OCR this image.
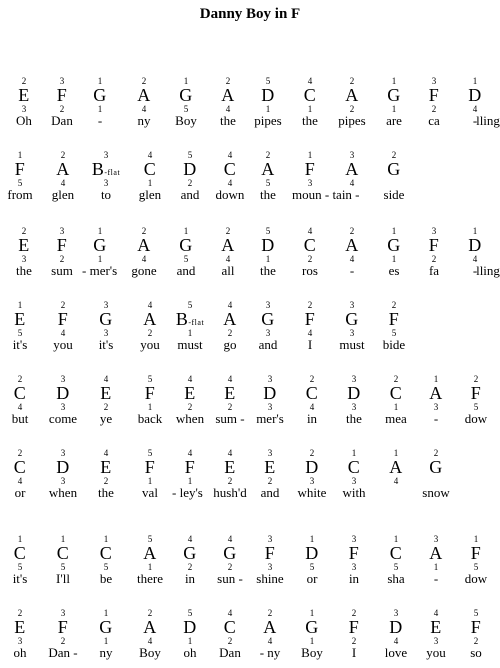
Danny Boy in F
2
E
3
Oh
3
F
2
Dan
1
G
1
-
2
A
4
ny
1
G
5
Boy
2
A
4
the
5
D
1
pipes
4
C
1
the
2
A
2
pipes
1
G
1
are
3
F
2
ca
1
D
4
-
lling
1
F
5
from
2
A
4
glen
3
B-flat
3
to
4
C
1
glen
5
D
2
and
4
C
4
down
2
A
5
the
1
F
3
moun - tain -
3
A
4
2
G
side
2
E
3
the
3
F
2
sum
1
G
1
- mer's
2
A
4
gone
1
G
5
and
2
A
4
all
5
D
1
the
4
C
2
ros
2
A
4
-
1
G
1
es
3
F
2
fa
1
D
4
-
lling
1
E
5
it's
2
F
4
you
3
G
3
it's
4
A
2
you
5
B-flat
1
must
4
A
2
go
3
G
3
and
2
F
4
I
3
G
3
must
2
F
5
bide
2
C
4
but
3
D
3
come
4
E
2
ye
5
F
1
back
4
E
2
when
4
E
2
sum -
3
D
3
mer's
2
C
4
in
3
D
3
the
2
C
1
mea
1
A
3
-
2
F
5
dow
2
C
4
or
3
D
3
when
4
E
2
the
5
F
1
val
4
F
1
- ley's
4
E
2
hush'd
3
E
2
and
2
D
3
white
1
C
3
with
1
A
4
2
G
snow
1
C
5
it's
1
C
5
I'll
1
C
5
be
5
A
1
there
4
G
2
in
4
G
2
sun -
3
F
3
shine
1
D
5
or
3
F
3
in
1
C
5
sha
3
A
1
-
1
F
5
dow
2
E
3
oh
3
F
2
Dan -
1
G
1
ny
2
A
4
Boy
5
D
1
oh
4
C
2
Dan
2
A
4
- ny
1
G
1
Boy
2
F
2
I
3
D
4
love
4
E
3
you
5
F
2
so
